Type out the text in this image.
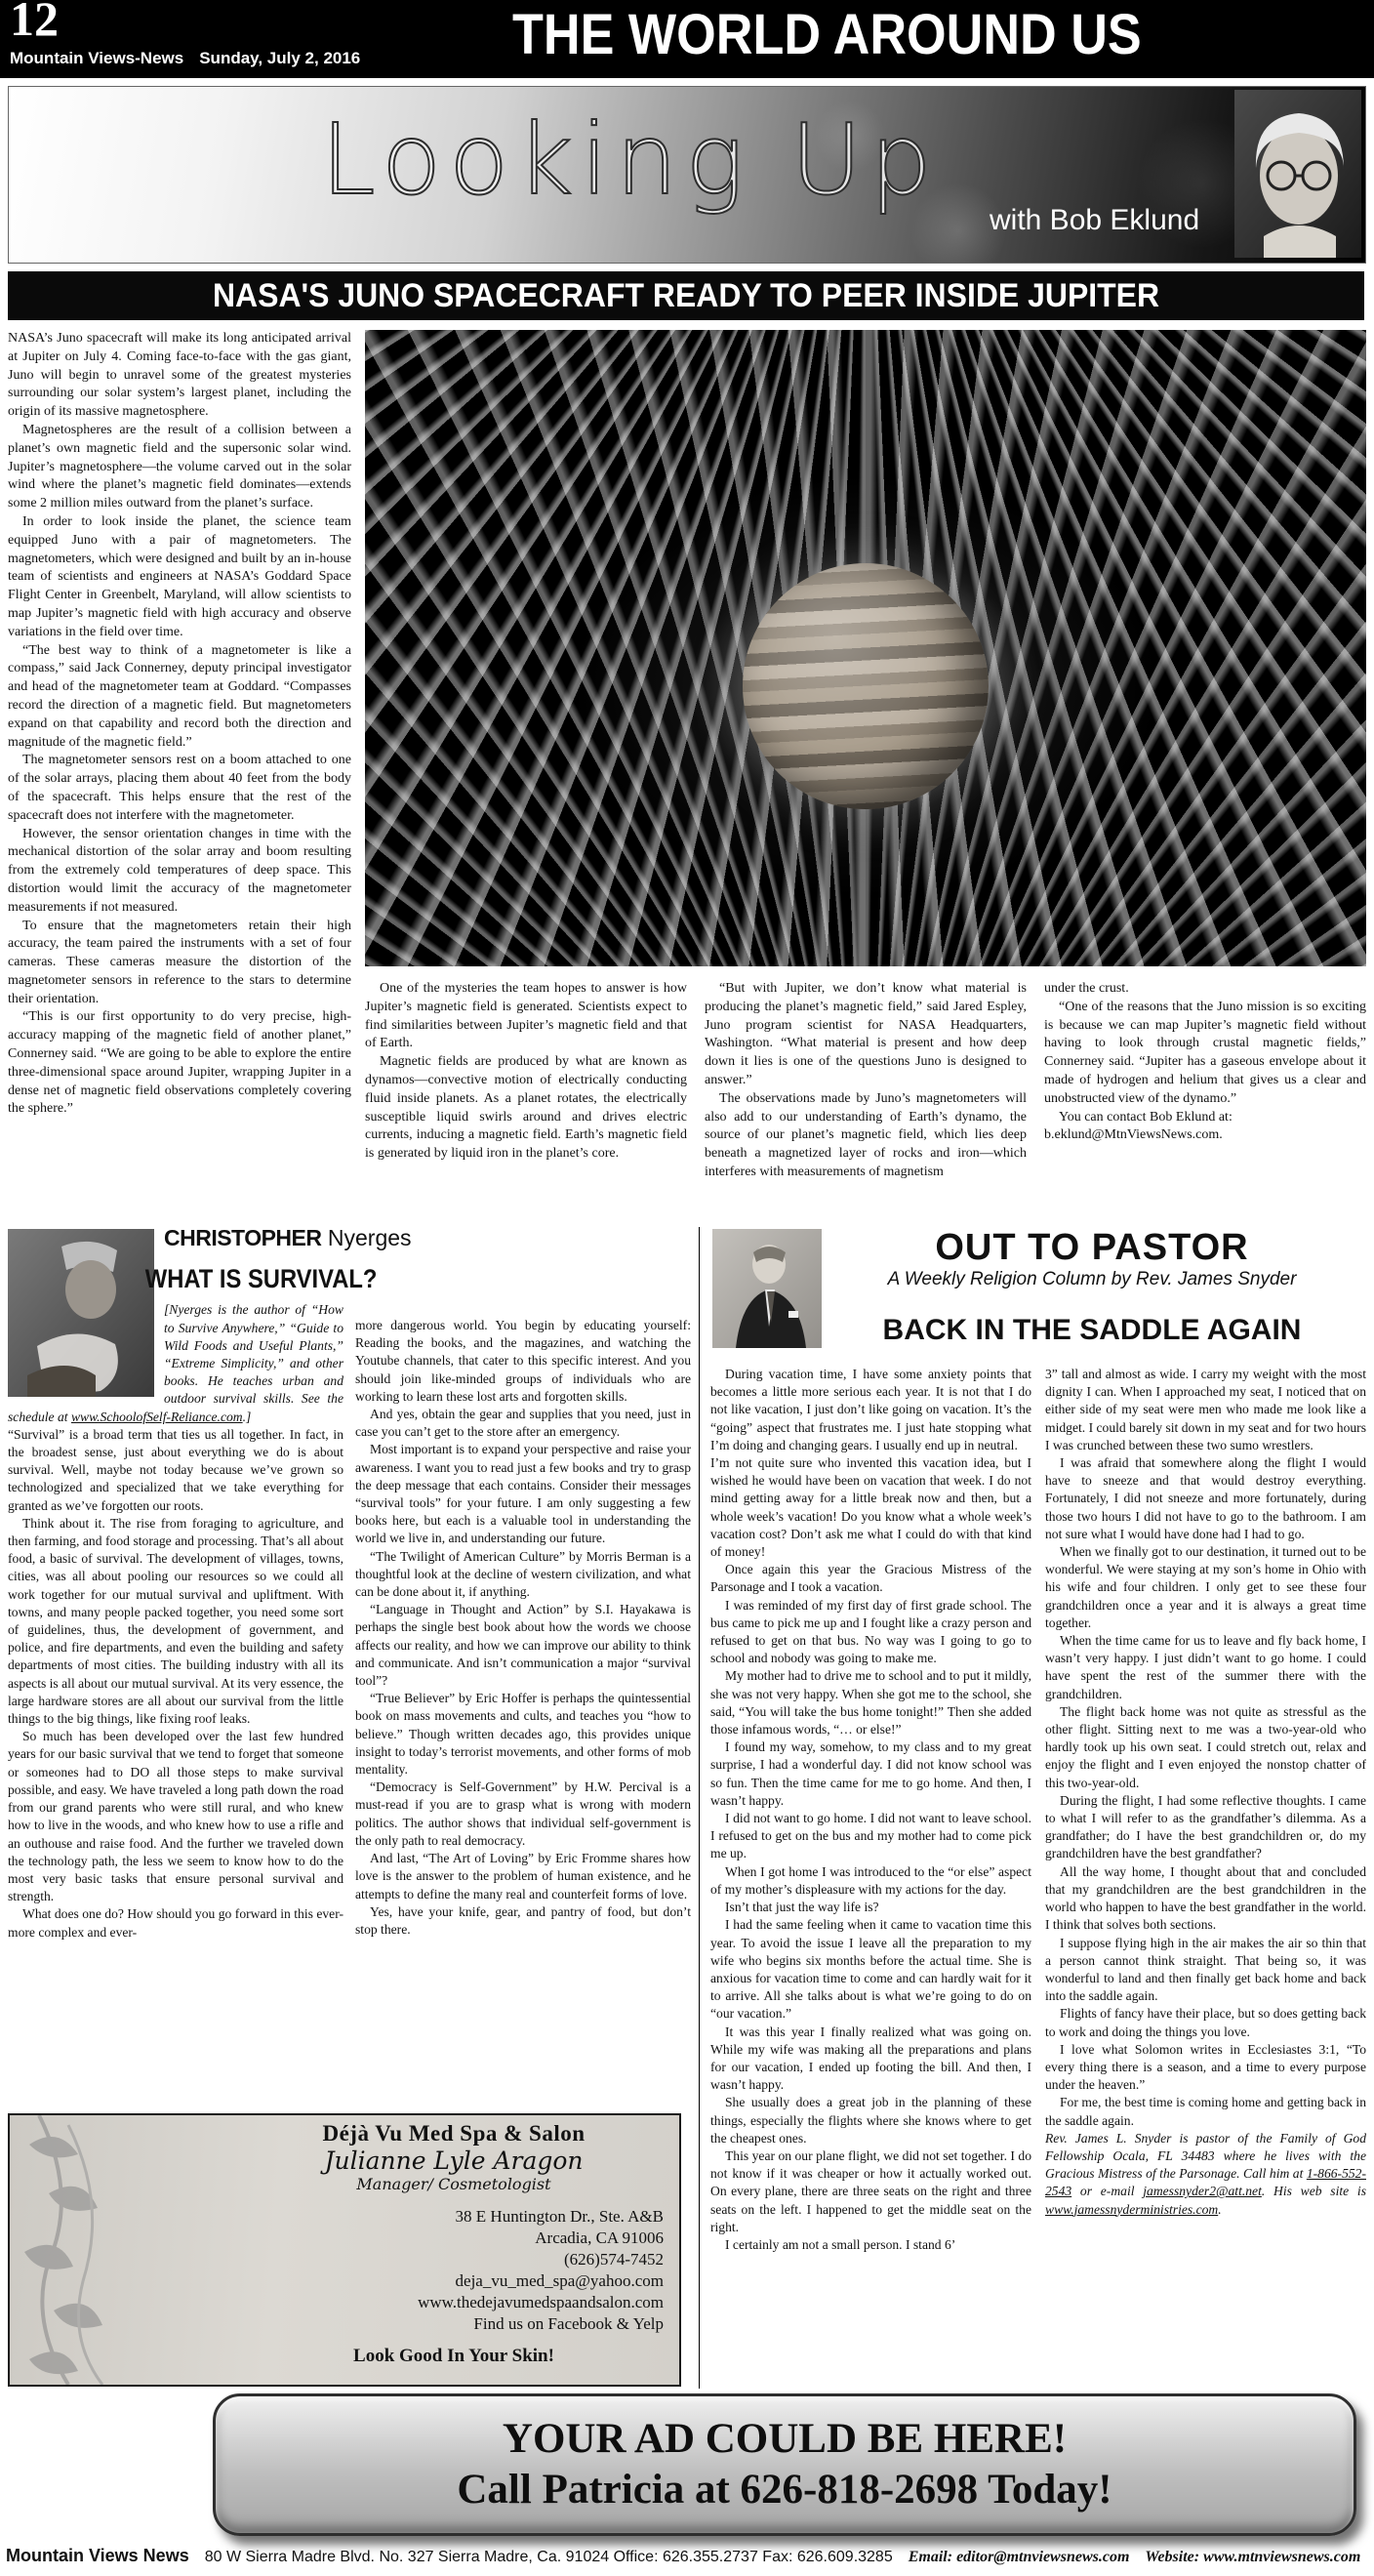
12
Mountain Views-News Sunday, July 2, 2016	THE WORLD AROUND US
Looking Up
with Bob Eklund
NASA'S JUNO SPACECRAFT READY TO PEER INSIDE JUPITER

NASA’s Juno spacecraft will make its long anticipated arrival at Jupiter on July 4. Coming face-to-face with the gas giant, Juno will begin to unravel some of the greatest mysteries surrounding our solar system’s largest planet, including the origin of its massive magnetosphere.

Magnetospheres are the result of a collision between a planet’s own magnetic field and the supersonic solar wind. Jupiter’s magnetosphere—the volume carved out in the solar wind where the planet’s magnetic field dominates—extends some 2 million miles outward from the planet’s surface.

In order to look inside the planet, the science team equipped Juno with a pair of magnetometers. The magnetometers, which were designed and built by an in-house team of scientists and engineers at NASA’s Goddard Space Flight Center in Greenbelt, Maryland, will allow scientists to map Jupiter’s magnetic field with high accuracy and observe variations in the field over time.

“The best way to think of a magnetometer is like a compass,” said Jack Connerney, deputy principal investigator and head of the magnetometer team at Goddard. “Compasses record the direction of a magnetic field. But magnetometers expand on that capability and record both the direction and magnitude of the magnetic field.”

The magnetometer sensors rest on a boom attached to one of the solar arrays, placing them about 40 feet from the body of the spacecraft. This helps ensure that the rest of the spacecraft does not interfere with the magnetometer.

However, the sensor orientation changes in time with the mechanical distortion of the solar array and boom resulting from the extremely cold temperatures of deep space. This distortion would limit the accuracy of the magnetometer measurements if not measured.

To ensure that the magnetometers retain their high accuracy, the team paired the instruments with a set of four cameras. These cameras measure the distortion of the magnetometer sensors in reference to the stars to determine their orientation.

“This is our first opportunity to do very precise, high-accuracy mapping of the magnetic field of another planet,” Connerney said. “We are going to be able to explore the entire three-dimensional space around Jupiter, wrapping Jupiter in a dense net of magnetic field observations completely covering the sphere.”

One of the mysteries the team hopes to answer is how Jupiter’s magnetic field is generated. Scientists expect to find similarities between Jupiter’s magnetic field and that of Earth.

Magnetic fields are produced by what are known as dynamos—convective motion of electrically conducting fluid inside planets. As a planet rotates, the electrically susceptible liquid swirls around and drives electric currents, inducing a magnetic field. Earth’s magnetic field is generated by liquid iron in the planet’s core.

“But with Jupiter, we don’t know what material is producing the planet’s magnetic field,” said Jared Espley, Juno program scientist for NASA Headquarters, Washington. “What material is present and how deep down it lies is one of the questions Juno is designed to answer.”

The observations made by Juno’s magnetometers will also add to our understanding of Earth’s dynamo, the source of our planet’s magnetic field, which lies deep beneath a magnetized layer of rocks and iron—which interferes with measurements of magnetism

under the crust.

“One of the reasons that the Juno mission is so exciting is because we can map Jupiter’s magnetic field without having to look through crustal magnetic fields,” Connerney said. “Jupiter has a gaseous envelope about it made of hydrogen and helium that gives us a clear and unobstructed view of the dynamo.”

You can contact Bob Eklund at:

b.eklund@MtnViewsNews.com.

CHRISTOPHER Nyerges
WHAT IS SURVIVAL?

[Nyerges is the author of “How to Survive Anywhere,” “Guide to Wild Foods and Useful Plants,” “Extreme Simplicity,” and other books. He teaches urban and outdoor survival skills. See the schedule at www.SchoolofSelf-Reliance.com.]

“Survival” is a broad term that ties us all together. In fact, in the broadest sense, just about everything we do is about survival. Well, maybe not today because we’ve grown so technologized and specialized that we take everything for granted as we’ve forgotten our roots.

Think about it. The rise from foraging to agriculture, and then farming, and food storage and processing. That’s all about food, a basic of survival. The development of villages, towns, cities, was all about pooling our resources so we could all work together for our mutual survival and upliftment. With towns, and many people packed together, you need some sort of guidelines, thus, the development of government, and police, and fire departments, and even the building and safety departments of most cities. The building industry with all its aspects is all about our mutual survival. At its very essence, the large hardware stores are all about our survival from the little things to the big things, like fixing roof leaks.

So much has been developed over the last few hundred years for our basic survival that we tend to forget that someone or someones had to DO all those steps to make survival possible, and easy. We have traveled a long path down the road from our grand parents who were still rural, and who knew how to live in the woods, and who knew how to use a rifle and an outhouse and raise food. And the further we traveled down the technology path, the less we seem to know how to do the most very basic tasks that ensure personal survival and strength.

What does one do? How should you go forward in this ever-more complex and ever-

more dangerous world. You begin by educating yourself: Reading the books, and the magazines, and watching the Youtube channels, that cater to this specific interest. And you should join like-minded groups of individuals who are working to learn these lost arts and forgotten skills.

And yes, obtain the gear and supplies that you need, just in case you can’t get to the store after an emergency.

Most important is to expand your perspective and raise your awareness. I want you to read just a few books and try to grasp the deep message that each contains. Consider their messages “survival tools” for your future. I am only suggesting a few books here, but each is a valuable tool in understanding the world we live in, and understanding our future.

“The Twilight of American Culture” by Morris Berman is a thoughtful look at the decline of western civilization, and what can be done about it, if anything.

“Language in Thought and Action” by S.I. Hayakawa is perhaps the single best book about how the words we choose affects our reality, and how we can improve our ability to think and communicate. And isn’t communication a major “survival tool”?

“True Believer” by Eric Hoffer is perhaps the quintessential book on mass movements and cults, and teaches you “how to believe.” Though written decades ago, this provides unique insight to today’s terrorist movements, and other forms of mob mentality.

“Democracy is Self-Government” by H.W. Percival is a must-read if you are to grasp what is wrong with modern politics. The author shows that individual self-government is the only path to real democracy.

And last, “The Art of Loving” by Eric Fromme shares how love is the answer to the problem of human existence, and he attempts to define the many real and counterfeit forms of love.

Yes, have your knife, gear, and pantry of food, but don’t stop there.

Déjà Vu Med Spa & Salon
Julianne Lyle Aragon
Manager/ Cosmetologist
38 E Huntington Dr., Ste. A&B
Arcadia, CA 91006
(626)574-7452
deja_vu_med_spa@yahoo.com
www.thedejavumedspaandsalon.com
Find us on Facebook & Yelp
Look Good In Your Skin!
OUT TO PASTOR
A Weekly Religion Column by Rev. James Snyder
BACK IN THE SADDLE AGAIN

During vacation time, I have some anxiety points that becomes a little more serious each year. It is not that I do not like vacation, I just don’t like going on vacation. It’s the “going” aspect that frustrates me. I just hate stopping what I’m doing and changing gears. I usually end up in neutral.

I’m not quite sure who invented this vacation idea, but I wished he would have been on vacation that week. I do not mind getting away for a little break now and then, but a whole week’s vacation! Do you know what a whole week’s vacation cost? Don’t ask me what I could do with that kind of money!

Once again this year the Gracious Mistress of the Parsonage and I took a vacation.

I was reminded of my first day of first grade school. The bus came to pick me up and I fought like a crazy person and refused to get on that bus. No way was I going to go to school and nobody was going to make me.

My mother had to drive me to school and to put it mildly, she was not very happy. When she got me to the school, she said, “You will take the bus home tonight!” Then she added those infamous words, “… or else!”

I found my way, somehow, to my class and to my great surprise, I had a wonderful day. I did not know school was so fun. Then the time came for me to go home. And then, I wasn’t happy.

I did not want to go home. I did not want to leave school. I refused to get on the bus and my mother had to come pick me up.

When I got home I was introduced to the “or else” aspect of my mother’s displeasure with my actions for the day.

Isn’t that just the way life is?

I had the same feeling when it came to vacation time this year. To avoid the issue I leave all the preparation to my wife who begins six months before the actual time. She is anxious for vacation time to come and can hardly wait for it to arrive. All she talks about is what we’re going to do on “our vacation.”

It was this year I finally realized what was going on. While my wife was making all the preparations and plans for our vacation, I ended up footing the bill. And then, I wasn’t happy.

She usually does a great job in the planning of these things, especially the flights where she knows where to get the cheapest ones.

This year on our plane flight, we did not set together. I do not know if it was cheaper or how it actually worked out. On every plane, there are three seats on the right and three seats on the left. I happened to get the middle seat on the right.

I certainly am not a small person. I stand 6’

3” tall and almost as wide. I carry my weight with the most dignity I can. When I approached my seat, I noticed that on either side of my seat were men who made me look like a midget. I could barely sit down in my seat and for two hours I was crunched between these two sumo wrestlers.

I was afraid that somewhere along the flight I would have to sneeze and that would destroy everything. Fortunately, I did not sneeze and more fortunately, during those two hours I did not have to go to the bathroom. I am not sure what I would have done had I had to go.

When we finally got to our destination, it turned out to be wonderful. We were staying at my son’s home in Ohio with his wife and four children. I only get to see these four grandchildren once a year and it is always a great time together.

When the time came for us to leave and fly back home, I wasn’t very happy. I just didn’t want to go home. I could have spent the rest of the summer there with the grandchildren.

The flight back home was not quite as stressful as the other flight. Sitting next to me was a two-year-old who hardly took up his own seat. I could stretch out, relax and enjoy the flight and I even enjoyed the nonstop chatter of this two-year-old.

During the flight, I had some reflective thoughts. I came to what I will refer to as the grandfather’s dilemma. As a grandfather; do I have the best grandchildren or, do my grandchildren have the best grandfather?

All the way home, I thought about that and concluded that my grandchildren are the best grandchildren in the world who happen to have the best grandfather in the world. I think that solves both sections.

I suppose flying high in the air makes the air so thin that a person cannot think straight. That being so, it was wonderful to land and then finally get back home and back into the saddle again.

Flights of fancy have their place, but so does getting back to work and doing the things you love.

I love what Solomon writes in Ecclesiastes 3:1, “To every thing there is a season, and a time to every purpose under the heaven.”

For me, the best time is coming home and getting back in the saddle again.

Rev. James L. Snyder is pastor of the Family of God Fellowship Ocala, FL 34483 where he lives with the Gracious Mistress of the Parsonage. Call him at 1-866-552-2543 or e-mail jamessnyder2@att.net. His web site is www.jamessnyderministries.com.

YOUR AD COULD BE HERE!
Call Patricia at 626-818-2698 Today!
Mountain Views News 80 W Sierra Madre Blvd. No. 327 Sierra Madre, Ca. 91024 Office: 626.355.2737 Fax: 626.609.3285 Email: editor@mtnviewsnews.com Website: www.mtnviewsnews.com
